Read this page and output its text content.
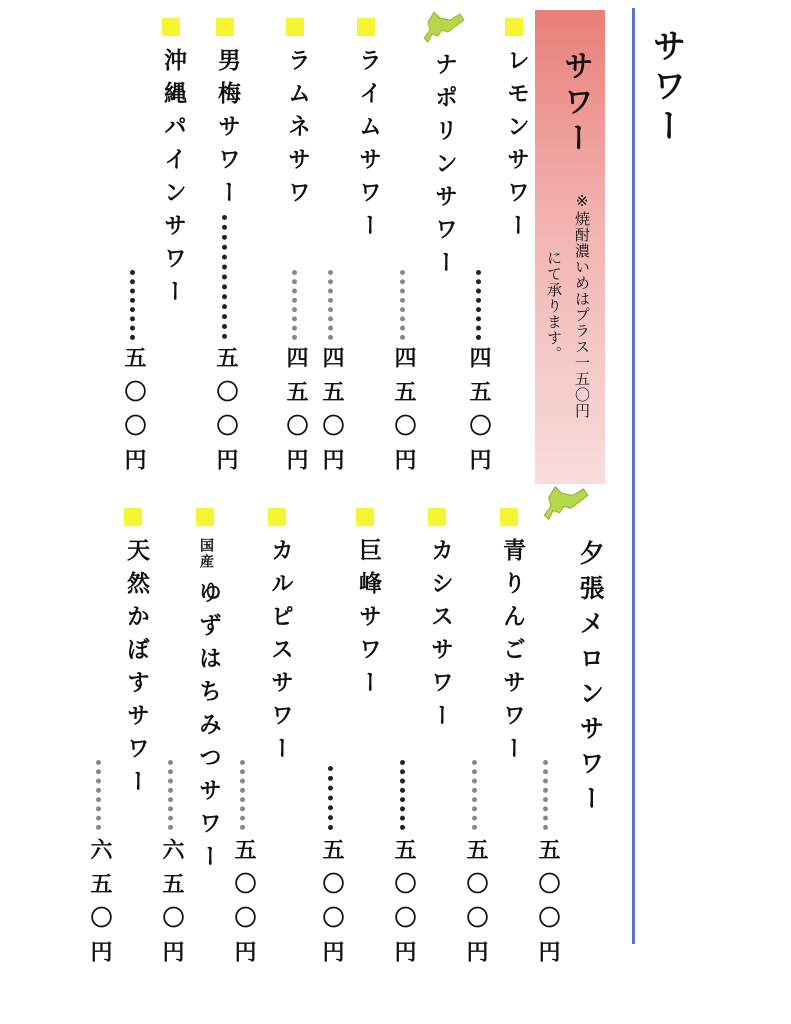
サワー
サワー
※焼酎濃いめはプラス一五〇円
にて承ります。
レモンサワー
四五〇円
ナポリンサワー
四五〇円
ライムサワー
四五〇円
ラムネサワ
四五〇円
男梅サワー
五〇〇円
沖縄パインサワー
五〇〇円
夕張メロンサワー
五〇〇円
青りんごサワー
五〇〇円
カシスサワー
五〇〇円
巨峰サワー
五〇〇円
カルピスサワー
五〇〇円
国産
ゆずはちみつサワー
六五〇円
天然かぼすサワー
六五〇円
